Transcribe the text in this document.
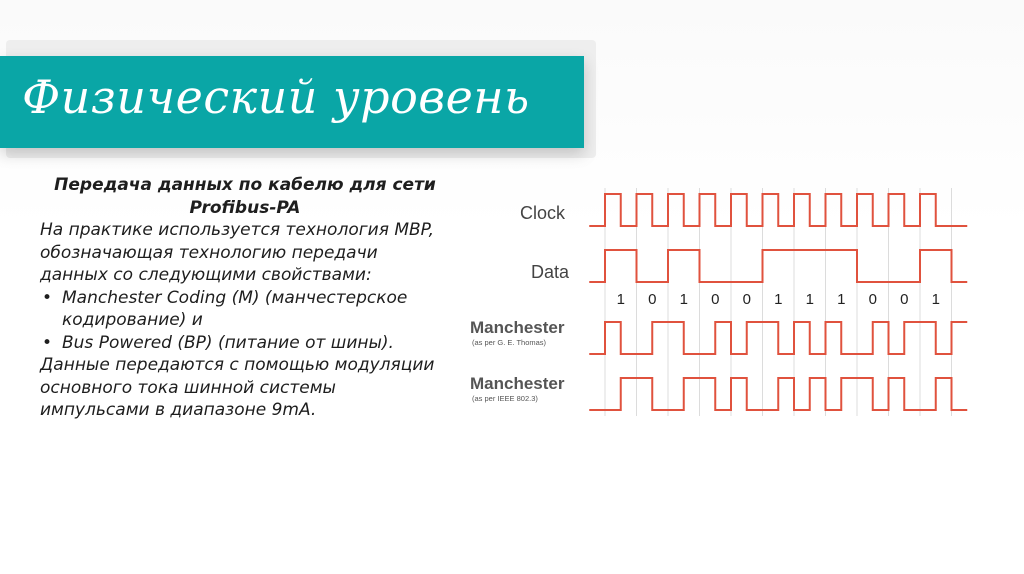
Физический уровень
Передача данных по кабелю для сети Profibus-PA

На практике используется технология MBP, обозначающая технологию передачи данных со следующими свойствами:

• Manchester Coding (M) (манчестерское кодирование) и
• Bus Powered (BP) (питание от шины).

Данные передаются с помощью модуляции основного тока шинной системы импульсами в диапазоне 9mA.

Clock
Data
Manchester
(as per G. E. Thomas)
Manchester
(as per IEEE 802.3)
1 0 1 0 0 1 1 1 0 0 1
